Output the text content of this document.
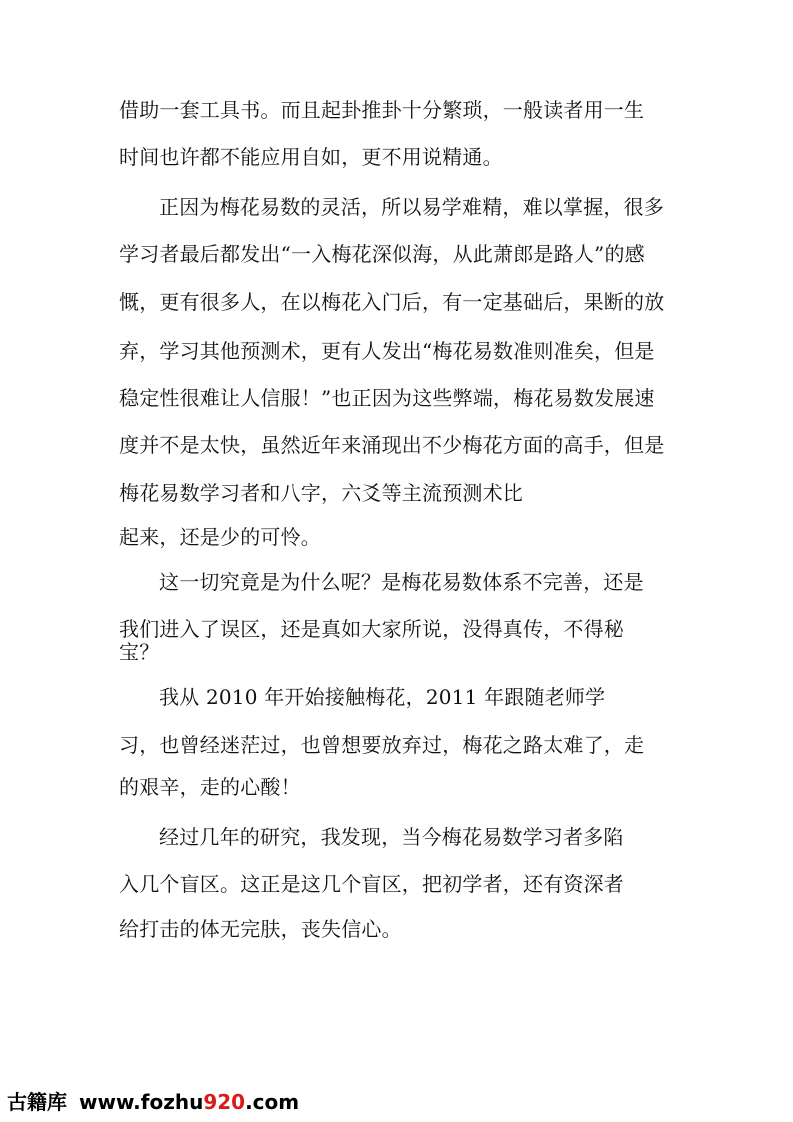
借助一套工具书。而且起卦推卦十分繁琐，一般读者用一生
时间也许都不能应用自如，更不用说精通。
正因为梅花易数的灵活，所以易学难精，难以掌握，很多
学习者最后都发出“一入梅花深似海，从此萧郎是路人”的感
慨，更有很多人，在以梅花入门后，有一定基础后，果断的放
弃，学习其他预测术，更有人发出“梅花易数准则准矣，但是
稳定性很难让人信服！”也正因为这些弊端，梅花易数发展速
度并不是太快，虽然近年来涌现出不少梅花方面的高手，但是
梅花易数学习者和八字，六爻等主流预测术比
起来，还是少的可怜。
这一切究竟是为什么呢？是梅花易数体系不完善，还是
我们进入了误区，还是真如大家所说，没得真传，不得秘
宝？
我从 2010 年开始接触梅花，2011 年跟随老师学
习，也曾经迷茫过，也曾想要放弃过，梅花之路太难了，走
的艰辛，走的心酸！
经过几年的研究，我发现，当今梅花易数学习者多陷
入几个盲区。这正是这几个盲区，把初学者，还有资深者
给打击的体无完肤，丧失信心。
古籍库 www.fozhu920.com
